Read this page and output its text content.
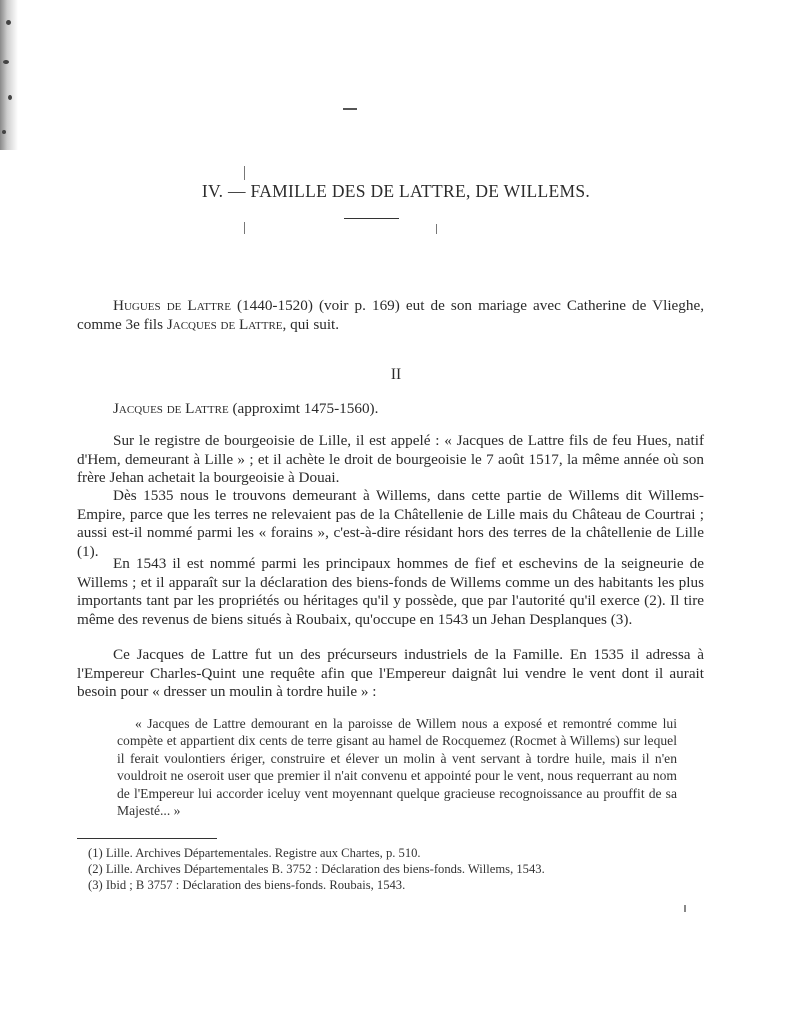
IV. — FAMILLE DES DE LATTRE, DE WILLEMS.

Hugues de Lattre (1440-1520) (voir p. 169) eut de son mariage avec Catherine de Vlieghe, comme 3e fils Jacques de Lattre, qui suit.

II

Jacques de Lattre (approximt 1475-1560).

Sur le registre de bourgeoisie de Lille, il est appelé : « Jacques de Lattre fils de feu Hues, natif d'Hem, demeurant à Lille » ; et il achète le droit de bourgeoisie le 7 août 1517, la même année où son frère Jehan achetait la bourgeoisie à Douai.

Dès 1535 nous le trouvons demeurant à Willems, dans cette partie de Willems dit Willems-Empire, parce que les terres ne relevaient pas de la Châtellenie de Lille mais du Château de Courtrai ; aussi est-il nommé parmi les « forains », c'est-à-dire résidant hors des terres de la châtellenie de Lille (1).

En 1543 il est nommé parmi les principaux hommes de fief et eschevins de la seigneurie de Willems ; et il apparaît sur la déclaration des biens-fonds de Willems comme un des habitants les plus importants tant par les propriétés ou héritages qu'il y possède, que par l'autorité qu'il exerce (2). Il tire même des revenus de biens situés à Roubaix, qu'occupe en 1543 un Jehan Desplanques (3).

Ce Jacques de Lattre fut un des précurseurs industriels de la Famille. En 1535 il adressa à l'Empereur Charles-Quint une requête afin que l'Empereur daignât lui vendre le vent dont il aurait besoin pour « dresser un moulin à tordre huile » :

« Jacques de Lattre demourant en la paroisse de Willem nous a exposé et remontré comme lui compète et appartient dix cents de terre gisant au hamel de Rocquemez (Rocmet à Willems) sur lequel il ferait voulontiers ériger, construire et élever un molin à vent servant à tordre huile, mais il n'en vouldroit ne oseroit user que premier il n'ait convenu et appointé pour le vent, nous requerrant au nom de l'Empereur lui accorder iceluy vent moyennant quelque gracieuse recognoissance au prouffit de sa Majesté... »

(1) Lille. Archives Départementales. Registre aux Chartes, p. 510.
(2) Lille. Archives Départementales B. 3752 : Déclaration des biens-fonds. Willems, 1543.
(3) Ibid ; B 3757 : Déclaration des biens-fonds. Roubais, 1543.
